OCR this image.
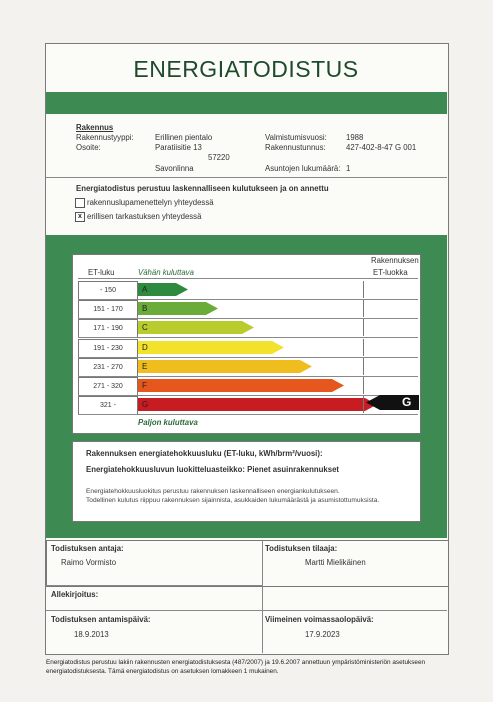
ENERGIATODISTUS
Rakennus
Rakennustyyppi:	Erillinen pientalo
Osoite:	Paratiisitie 13
57220
Savonlinna
Valmistumisvuosi: 1988
Rakennustunnus:	427-402-8-47 G 001
Asuntojen lukumäärä: 1
Energiatodistus perustuu laskennalliseen kulutukseen ja on annettu
rakennuslupamenettelyn yhteydessä
x erillisen tarkastuksen yhteydessä
Rakennuksen
ET-luku	Vähän kuluttava	ET-luokka
- 150	A
151 - 170	B
171 - 190	C
191 - 230	D
231 - 270	E
271 - 320	F
321 -	G
Paljon kuluttava
G
Rakennuksen energiatehokkuusluku (ET-luku, kWh/brm²/vuosi):
Energiatehokkuusluvun luokitteluasteikko: Pienet asuinrakennukset
Energiatehokkuusluokitus perustuu rakennuksen laskennalliseen energiankulutukseen.
Todellinen kulutus riippuu rakennuksen sijainnista, asukkaiden lukumäärästä ja asumistottumuksista.
Todistuksen antaja:
Raimo Vormisto
Todistuksen tilaaja:
Martti Mielikäinen
Allekirjoitus:
Todistuksen antamispäivä:
18.9.2013
Viimeinen voimassaolopäivä:
17.9.2023
Energiatodistus perustuu lakiin rakennusten energiatodistuksesta (487/2007) ja 19.6.2007 annettuun ympäristöministeriön asetukseen energiatodistuksesta. Tämä energiatodistus on asetuksen lomakkeen 1 mukainen.
